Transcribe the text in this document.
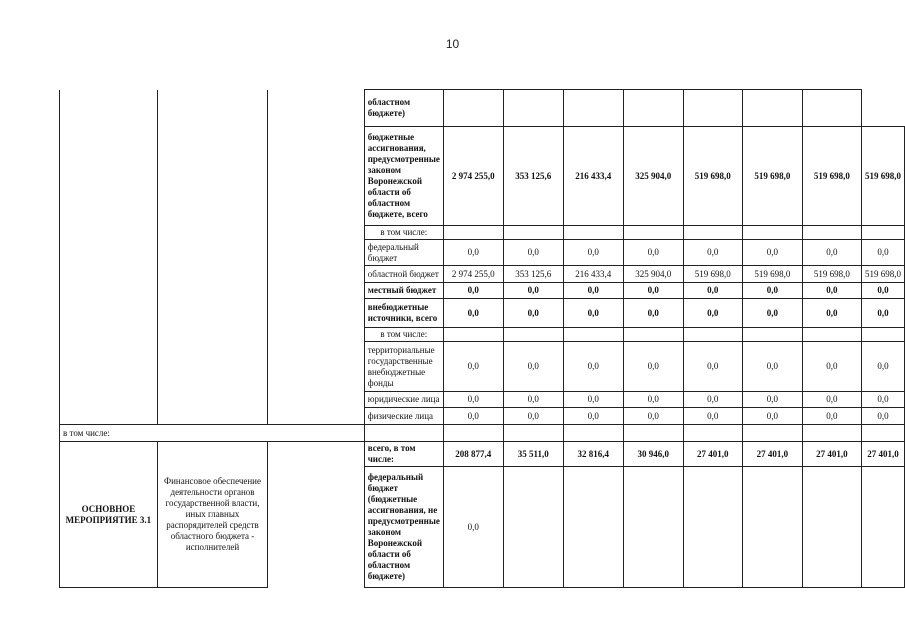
10
			областном бюджете)								
			бюджетные ассигнования, предусмотренные законом Воронежской области об областном бюджете, всего	2 974 255,0	353 125,6	216 433,4	325 904,0	519 698,0	519 698,0	519 698,0	519 698,0
			в том числе:								
			федеральный бюджет	0,0	0,0	0,0	0,0	0,0	0,0	0,0	0,0
			областной бюджет	2 974 255,0	353 125,6	216 433,4	325 904,0	519 698,0	519 698,0	519 698,0	519 698,0
			местный бюджет	0,0	0,0	0,0	0,0	0,0	0,0	0,0	0,0
			внебюджетные источники, всего	0,0	0,0	0,0	0,0	0,0	0,0	0,0	0,0
			в том числе:								
			территориальные государственные внебюджетные фонды	0,0	0,0	0,0	0,0	0,0	0,0	0,0	0,0
			юридические лица	0,0	0,0	0,0	0,0	0,0	0,0	0,0	0,0
			физические лица	0,0	0,0	0,0	0,0	0,0	0,0	0,0	0,0
в том числе:											
ОСНОВНОЕ МЕРОПРИЯТИЕ 3.1	Финансовое обеспечение деятельности органов государственной власти, иных главных распорядителей средств областного бюджета - исполнителей		всего, в том числе:	208 877,4	35 511,0	32 816,4	30 946,0	27 401,0	27 401,0	27 401,0	27 401,0
			федеральный бюджет (бюджетные ассигнования, не предусмотренные законом Воронежской области об областном бюджете)	0,0							
